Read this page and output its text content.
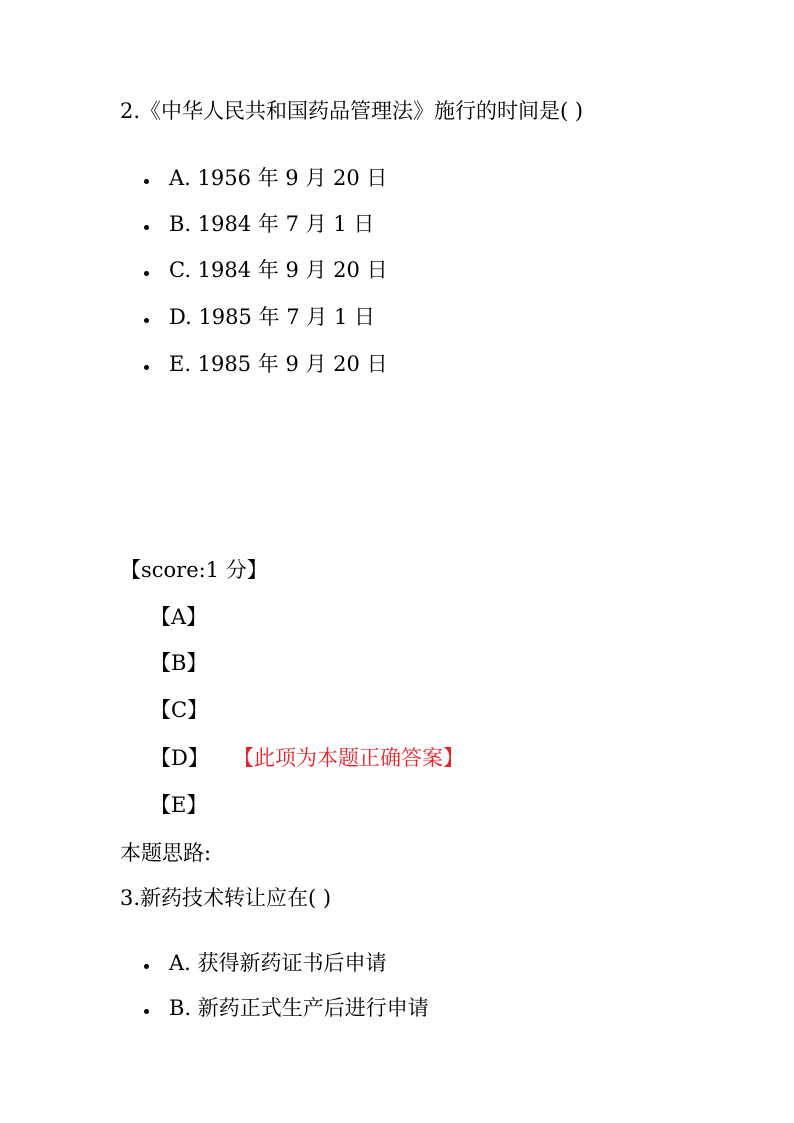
2.《中华人民共和国药品管理法》施行的时间是( )
A. 1956 年 9 月 20 日
B. 1984 年 7 月 1 日
C. 1984 年 9 月 20 日
D. 1985 年 7 月 1 日
E. 1985 年 9 月 20 日
【score:1 分】
【A】
【B】
【C】
【D】
【E】
【此项为本题正确答案】
本题思路:
3.新药技术转让应在( )
A. 获得新药证书后申请
B. 新药正式生产后进行申请
